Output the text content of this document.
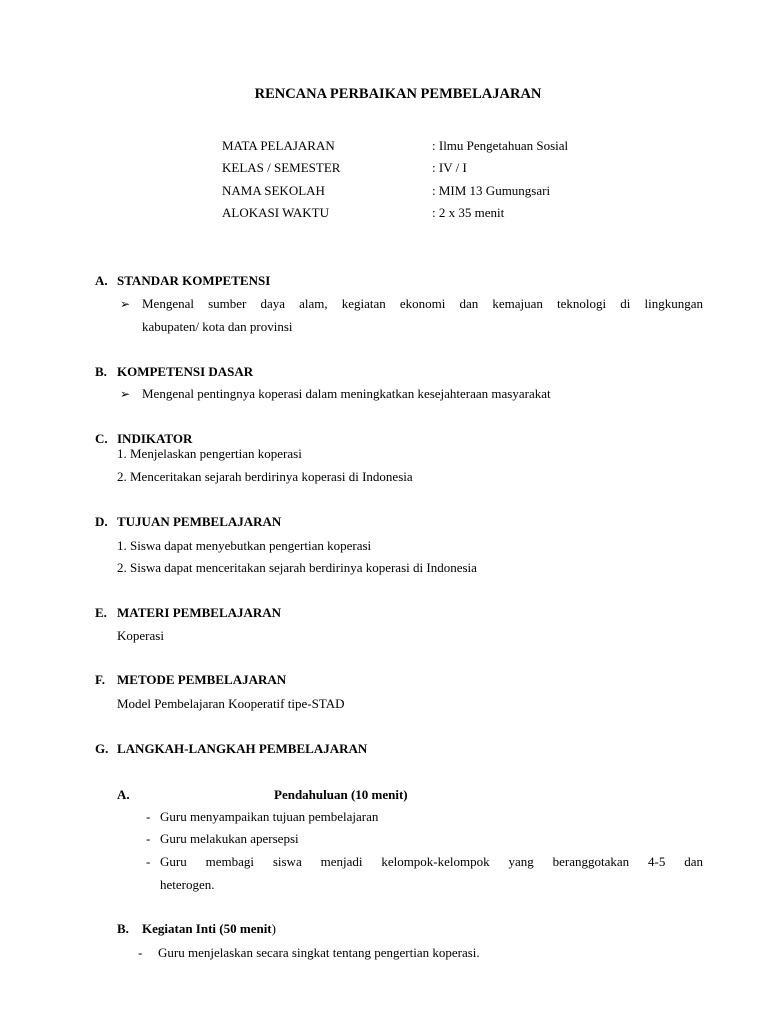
RENCANA PERBAIKAN PEMBELAJARAN
MATA PELAJARAN	: Ilmu Pengetahuan Sosial
KELAS / SEMESTER	: IV / I
NAMA SEKOLAH	: MIM 13 Gumungsari
ALOKASI WAKTU	: 2 x 35 menit
A. STANDAR KOMPETENSI
➢ Mengenal sumber daya alam, kegiatan ekonomi dan kemajuan teknologi di lingkungan
kabupaten/ kota dan provinsi
B. KOMPETENSI DASAR
➢ Mengenal pentingnya koperasi dalam meningkatkan kesejahteraan masyarakat
C. INDIKATOR
1. Menjelaskan pengertian koperasi
2. Menceritakan sejarah berdirinya koperasi di Indonesia
D. TUJUAN PEMBELAJARAN
1. Siswa dapat menyebutkan pengertian koperasi
2. Siswa dapat menceritakan sejarah berdirinya koperasi di Indonesia
E. MATERI PEMBELAJARAN
Koperasi
F. METODE PEMBELAJARAN
Model Pembelajaran Kooperatif tipe-STAD
G. LANGKAH-LANGKAH PEMBELAJARAN
A.	Pendahuluan (10 menit)
- Guru menyampaikan tujuan pembelajaran
- Guru melakukan apersepsi
- Guru membagi siswa menjadi kelompok-kelompok yang beranggotakan 4-5 dan
heterogen.
B. Kegiatan Inti (50 menit)
- Guru menjelaskan secara singkat tentang pengertian koperasi.
